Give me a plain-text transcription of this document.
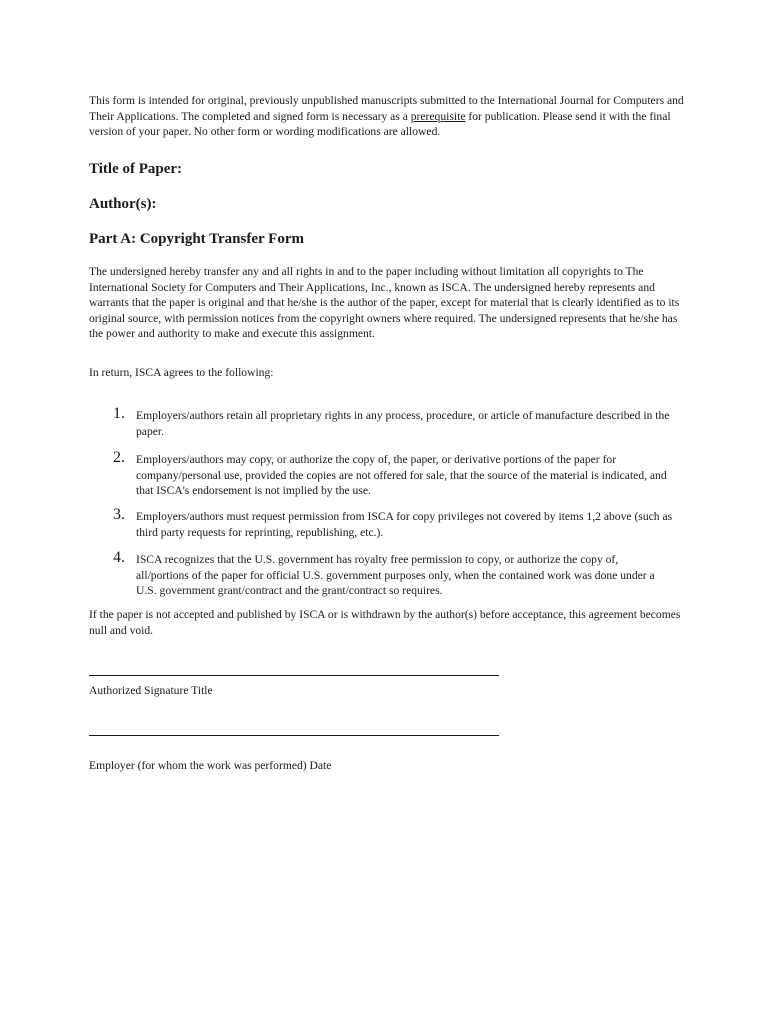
This form is intended for original, previously unpublished manuscripts submitted to the International Journal for Computers and Their Applications. The completed and signed form is necessary as a prerequisite for publication. Please send it with the final version of your paper. No other form or wording modifications are allowed.
Title of Paper:
Author(s):
Part A: Copyright Transfer Form
The undersigned hereby transfer any and all rights in and to the paper including without limitation all copyrights to The International Society for Computers and Their Applications, Inc., known as ISCA. The undersigned hereby represents and warrants that the paper is original and that he/she is the author of the paper, except for material that is clearly identified as to its original source, with permission notices from the copyright owners where required. The undersigned represents that he/she has the power and authority to make and execute this assignment.
In return, ISCA agrees to the following:
1. Employers/authors retain all proprietary rights in any process, procedure, or article of manufacture described in the paper.
2. Employers/authors may copy, or authorize the copy of, the paper, or derivative portions of the paper for company/personal use, provided the copies are not offered for sale, that the source of the material is indicated, and that ISCA's endorsement is not implied by the use.
3. Employers/authors must request permission from ISCA for copy privileges not covered by items 1,2 above (such as third party requests for reprinting, republishing, etc.).
4. ISCA recognizes that the U.S. government has royalty free permission to copy, or authorize the copy of, all/portions of the paper for official U.S. government purposes only, when the contained work was done under a U.S. government grant/contract and the grant/contract so requires.
If the paper is not accepted and published by ISCA or is withdrawn by the author(s) before acceptance, this agreement becomes null and void.
Authorized Signature Title
Employer (for whom the work was performed) Date
